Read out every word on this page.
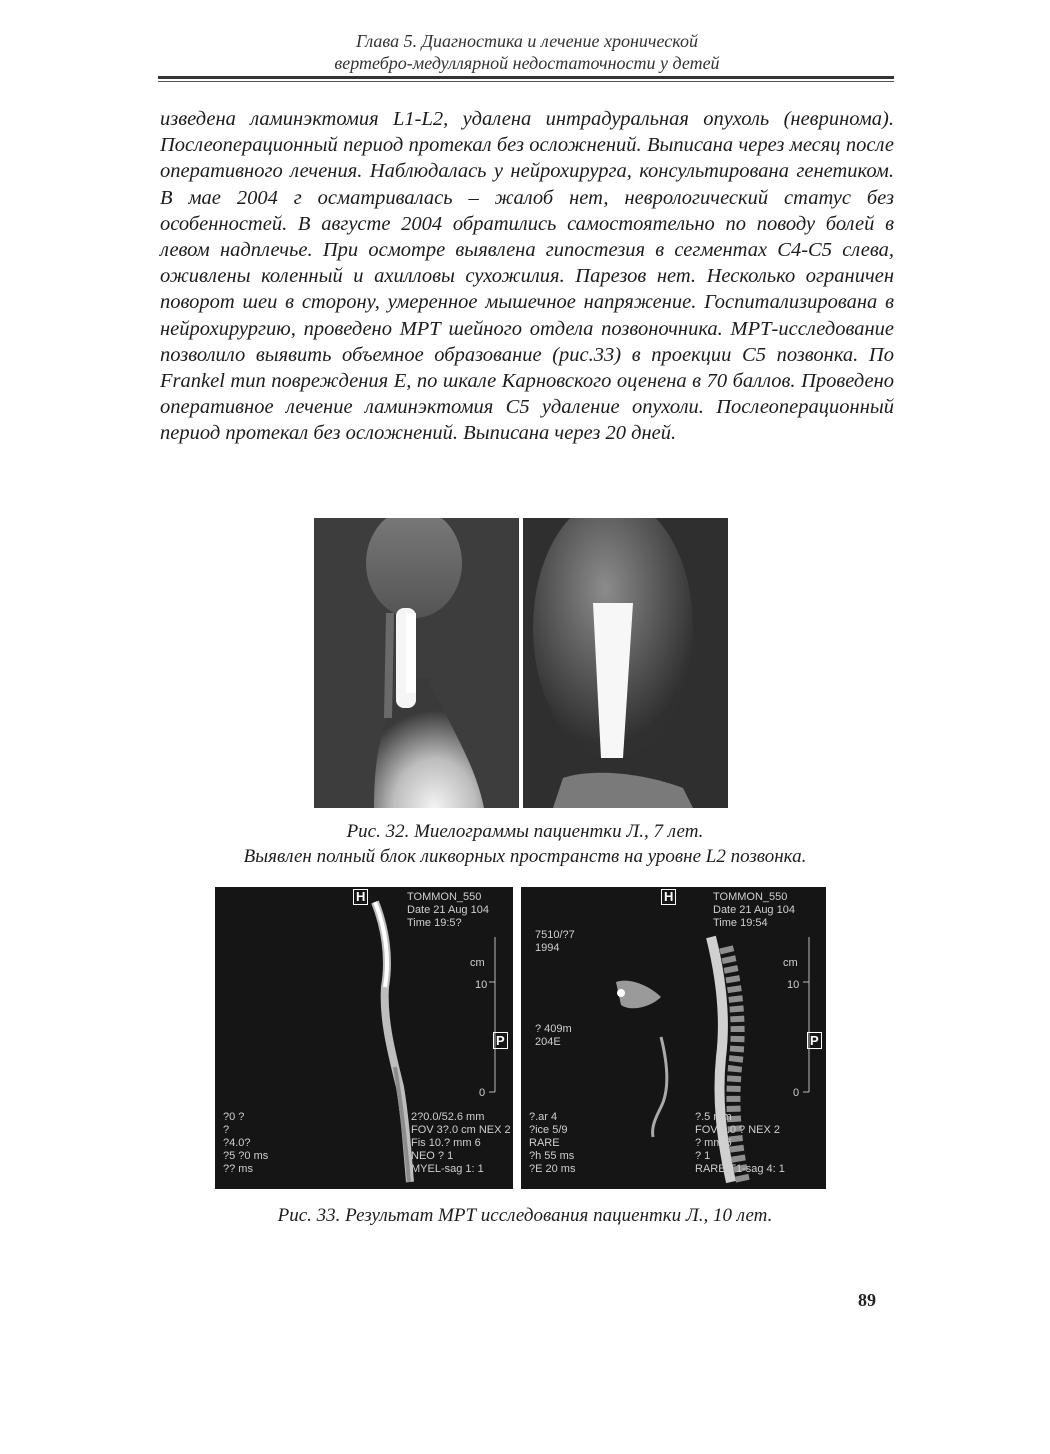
Глава 5. Диагностика и лечение хронической
вертебро-медуллярной недостаточности у детей

изведена ламинэктомия L1-L2, удалена интрадуральная опухоль (невринома). Послеоперационный период протекал без осложнений. Выписана через месяц после оперативного лечения. Наблюдалась у нейрохирурга, консультирована генетиком. В мае 2004 г осматривалась – жалоб нет, неврологический статус без особенностей. В августе 2004 обратились самостоятельно по поводу болей в левом надплечье. При осмотре выявлена гипостезия в сегментах C4-C5 слева, оживлены коленный и ахилловы сухожилия. Парезов нет. Несколько ограничен поворот шеи в сторону, умеренное мышечное напряжение. Госпитализирована в нейрохирургию, проведено МРТ шейного отдела позвоночника. МРТ-исследование позволило выявить объемное образование (рис.33) в проекции C5 позвонка. По Frankel тип повреждения E, по шкале Карновского оценена в 70 баллов. Проведено оперативное лечение ламинэктомия C5 удаление опухоли. Послеоперационный период протекал без осложнений. Выписана через 20 дней.

Рис. 32. Миелограммы пациентки Л., 7 лет.
Выявлен полный блок ликворных пространств на уровне L2 позвонка.
H
P
TOMMON_550
Date 21 Aug 104
Time 19:5?
cm
10
0
2?0.0/52.6 mm
FOV 3?.0 cm NEX 2
Fis 10.? mm 6
NEO ? 1
MYEL-sag 1: 1
?0 ?
?
?4.0?
?5 ?0 ms
?? ms
H
P
TOMMON_550
Date 21 Aug 104
Time 19:54
7510/?7
1994
? 409m
204E
cm
10
0
?.5 mm
FOV ?.0 ? NEX 2
? mm 6
? 1
RARE-T1-sag 4: 1
?.ar 4
?ice 5/9
RARE
?h 55 ms
?E 20 ms
Рис. 33. Результат МРТ исследования пациентки Л., 10 лет.
89
